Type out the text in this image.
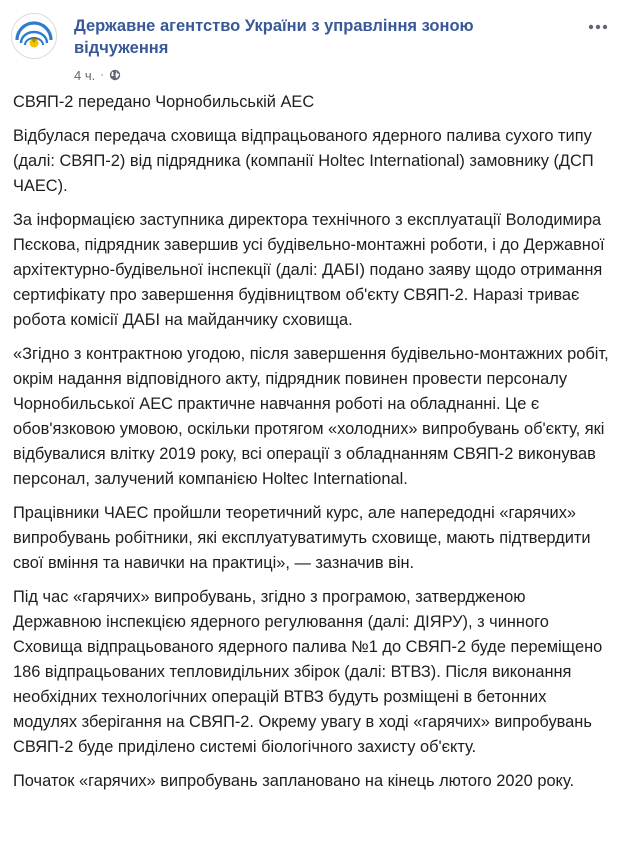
Державне агентство України з управління зоною відчуження
4 ч. ·

СВЯП-2 передано Чорнобильській АЕС

Відбулася передача сховища відпрацьованого ядерного палива сухого типу (далі: СВЯП-2) від підрядника (компанії Holtec International) замовнику (ДСП ЧАЕС).

За інформацією заступника директора технічного з експлуатації Володимира Пєскова, підрядник завершив усі будівельно-монтажні роботи, і до Державної архітектурно-будівельної інспекції (далі: ДАБІ) подано заяву щодо отримання сертифікату про завершення будівництвом об'єкту СВЯП-2. Наразі триває робота комісії ДАБІ на майданчику сховища.

«Згідно з контрактною угодою, після завершення будівельно-монтажних робіт, окрім надання відповідного акту, підрядник повинен провести персоналу Чорнобильської АЕС практичне навчання роботі на обладнанні. Це є обов'язковою умовою, оскільки протягом «холодних» випробувань об'єкту, які відбувалися влітку 2019 року, всі операції з обладнанням СВЯП-2 виконував персонал, залучений компанією Holtec International.

Працівники ЧАЕС пройшли теоретичний курс, але напередодні «гарячих» випробувань робітники, які експлуатуватимуть сховище, мають підтвердити свої вміння та навички на практиці», — зазначив він.

Під час «гарячих» випробувань, згідно з програмою, затвердженою Державною інспекцією ядерного регулювання (далі: ДІЯРУ), з чинного Сховища відпрацьованого ядерного палива №1 до СВЯП-2 буде переміщено 186 відпрацьованих тепловидільних збірок (далі: ВТВЗ). Після виконання необхідних технологічних операцій ВТВЗ будуть розміщені в бетонних модулях зберігання на СВЯП-2. Окрему увагу в ході «гарячих» випробувань СВЯП-2 буде приділено системі біологічного захисту об'єкту.

Початок «гарячих» випробувань заплановано на кінець лютого 2020 року.
